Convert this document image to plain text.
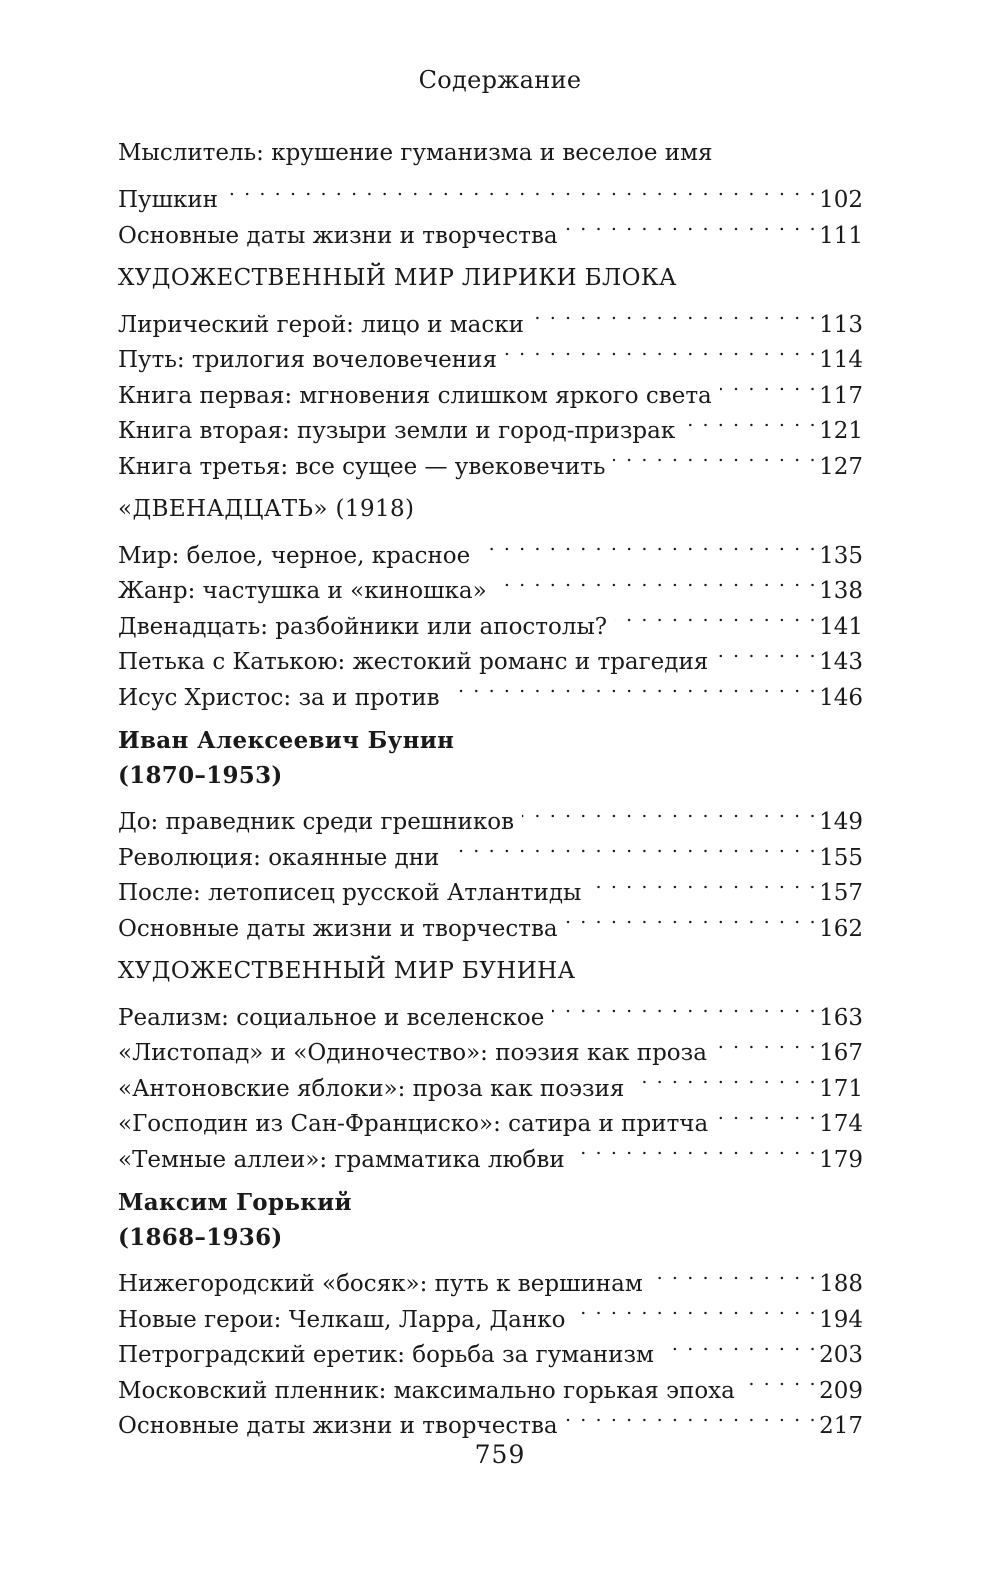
Содержание
Мыслитель: крушение гуманизма и веселое имя
Пушкин . . .	102
Основные даты жизни и творчества . . .	111
ХУДОЖЕСТВЕННЫЙ МИР ЛИРИКИ БЛОКА
Лирический герой: лицо и маски . . .	113
Путь: трилогия вочеловечения . . .	114
Книга первая: мгновения слишком яркого света . . .	117
Книга вторая: пузыри земли и город-призрак . . .	121
Книга третья: все сущее — увековечить . . .	127
«ДВЕНАДЦАТЬ» (1918)
Мир: белое, черное, красное . . .	135
Жанр: частушка и «киношка» . . .	138
Двенадцать: разбойники или апостолы? . . .	141
Петька с Катькою: жестокий романс и трагедия . . .	143
Исус Христос: за и против . . .	146
Иван Алексеевич Бунин
(1870–1953)
До: праведник среди грешников . . .	149
Революция: окаянные дни . . .	155
После: летописец русской Атлантиды . . .	157
Основные даты жизни и творчества . . .	162
ХУДОЖЕСТВЕННЫЙ МИР БУНИНА
Реализм: социальное и вселенское . . .	163
«Листопад» и «Одиночество»: поэзия как проза . . .	167
«Антоновские яблоки»: проза как поэзия . . .	171
«Господин из Сан-Франциско»: сатира и притча . . .	174
«Темные аллеи»: грамматика любви . . .	179
Максим Горький
(1868–1936)
Нижегородский «босяк»: путь к вершинам . . .	188
Новые герои: Челкаш, Ларра, Данко . . .	194
Петроградский еретик: борьба за гуманизм . . .	203
Московский пленник: максимально горькая эпоха . . .	209
Основные даты жизни и творчества . . .	217
759
